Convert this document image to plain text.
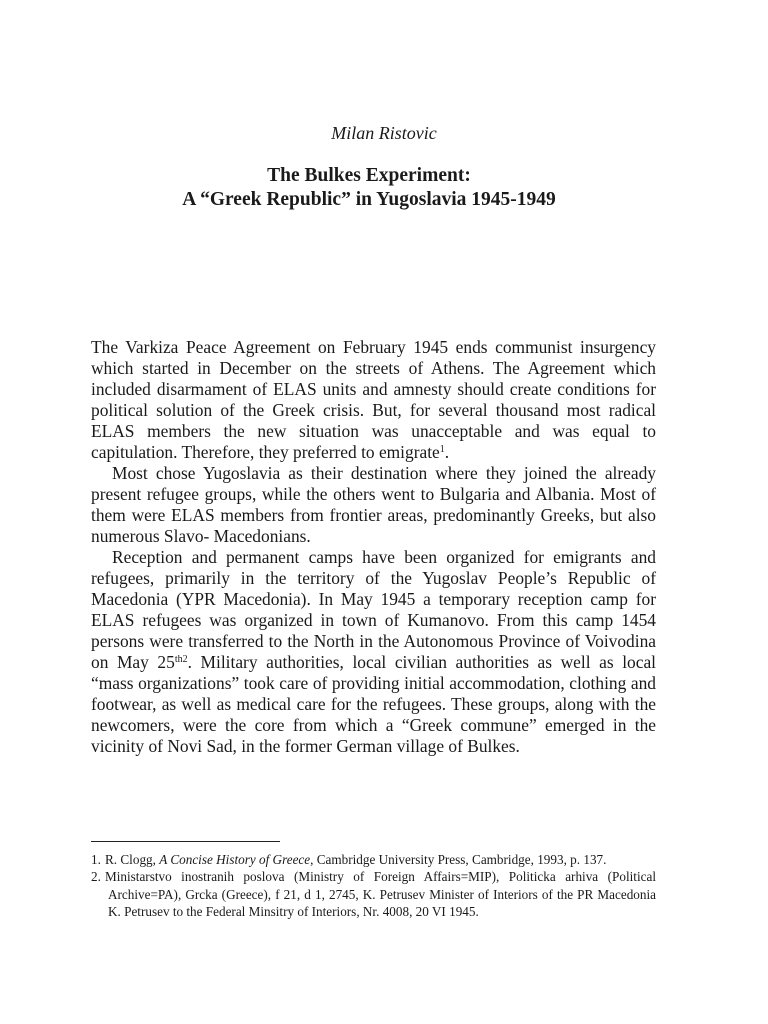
Milan Ristovic
The Bulkes Experiment:
A “Greek Republic” in Yugoslavia 1945-1949

The Varkiza Peace Agreement on February 1945 ends communist insurgency which started in December on the streets of Athens. The Agreement which included disarmament of ELAS units and amnesty should create conditions for political solution of the Greek crisis. But, for several thousand most radical ELAS members the new situation was unacceptable and was equal to capitulation. Therefore, they preferred to emigrate$^1$.

Most chose Yugoslavia as their destination where they joined the already present refugee groups, while the others went to Bulgaria and Albania. Most of them were ELAS members from frontier areas, predominantly Greeks, but also numerous Slavo- Macedonians.

Reception and permanent camps have been organized for emigrants and refugees, primarily in the territory of the Yugoslav People’s Republic of Macedonia (YPR Macedonia). In May 1945 a temporary reception camp for ELAS refugees was organized in town of Kumanovo. From this camp 1454 persons were transferred to the North in the Autonomous Province of Voivodina on May $25^{th2}$. Military authorities, local civilian authorities as well as local “mass organizations” took care of providing initial accommodation, clothing and footwear, as well as medical care for the refugees. These groups, along with the newcomers, were the core from which a “Greek commune” emerged in the vicinity of Novi Sad, in the former German village of Bulkes.

1. R. Clogg, A Concise History of Greece, Cambridge University Press, Cambridge, 1993, p. 137.

2. Ministarstvo inostranih poslova (Ministry of Foreign Affairs=MIP), Politicka arhiva (Political Archive=PA), Grcka (Greece), f 21, d 1, 2745, K. Petrusev Minister of Interiors of the PR Macedonia K. Petrusev to the Federal Minsitry of Interiors, Nr. 4008, 20 VI 1945.
